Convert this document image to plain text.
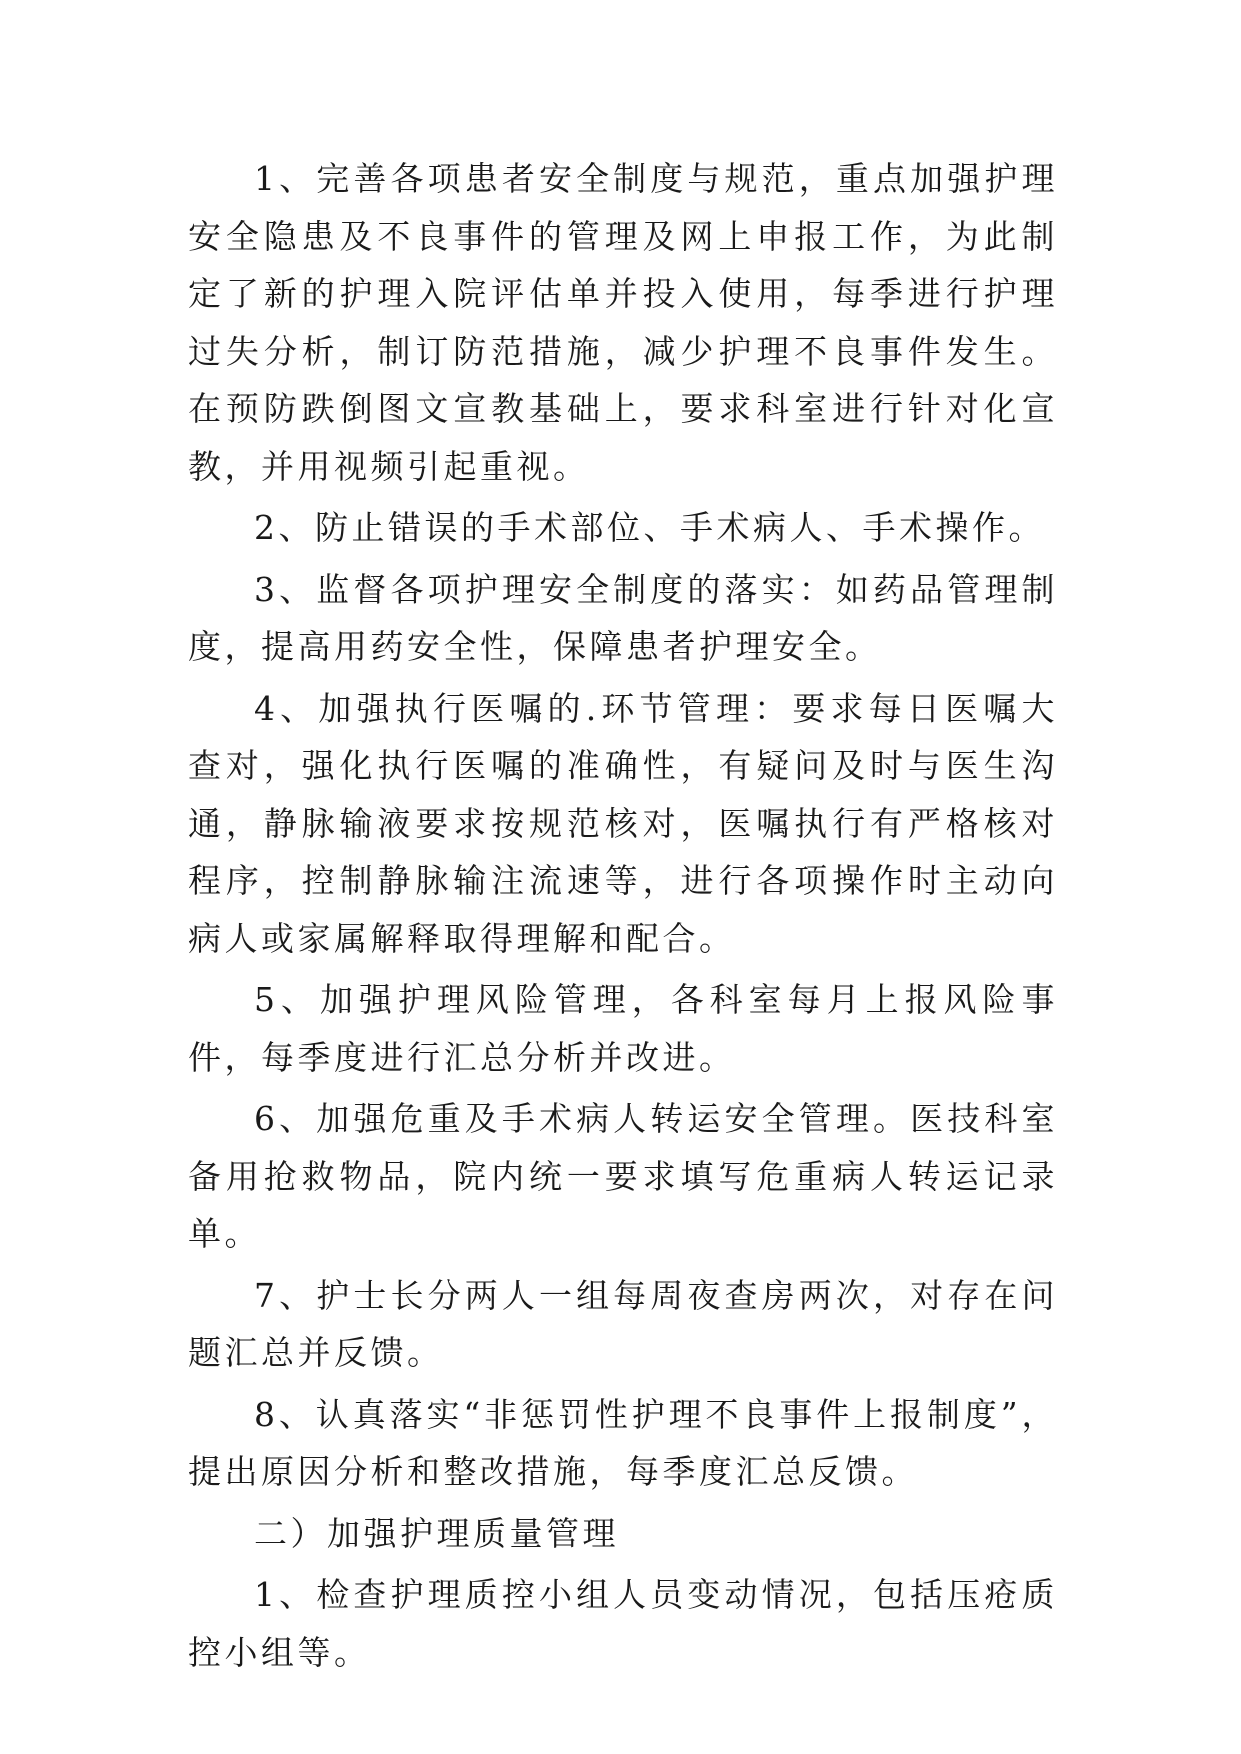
1、完善各项患者安全制度与规范，重点加强护理安全隐患及不良事件的管理及网上申报工作，为此制定了新的护理入院评估单并投入使用，每季进行护理过失分析，制订防范措施，减少护理不良事件发生。在预防跌倒图文宣教基础上，要求科室进行针对化宣教，并用视频引起重视。

2、防止错误的手术部位、手术病人、手术操作。

3、监督各项护理安全制度的落实：如药品管理制度，提高用药安全性，保障患者护理安全。

4、加强执行医嘱的.环节管理：要求每日医嘱大查对，强化执行医嘱的准确性，有疑问及时与医生沟通，静脉输液要求按规范核对，医嘱执行有严格核对程序，控制静脉输注流速等，进行各项操作时主动向病人或家属解释取得理解和配合。

5、加强护理风险管理，各科室每月上报风险事件，每季度进行汇总分析并改进。

6、加强危重及手术病人转运安全管理。医技科室备用抢救物品，院内统一要求填写危重病人转运记录单。

7、护士长分两人一组每周夜查房两次，对存在问题汇总并反馈。

8、认真落实“非惩罚性护理不良事件上报制度”，提出原因分析和整改措施，每季度汇总反馈。

二）加强护理质量管理

1、检查护理质控小组人员变动情况，包括压疮质控小组等。
